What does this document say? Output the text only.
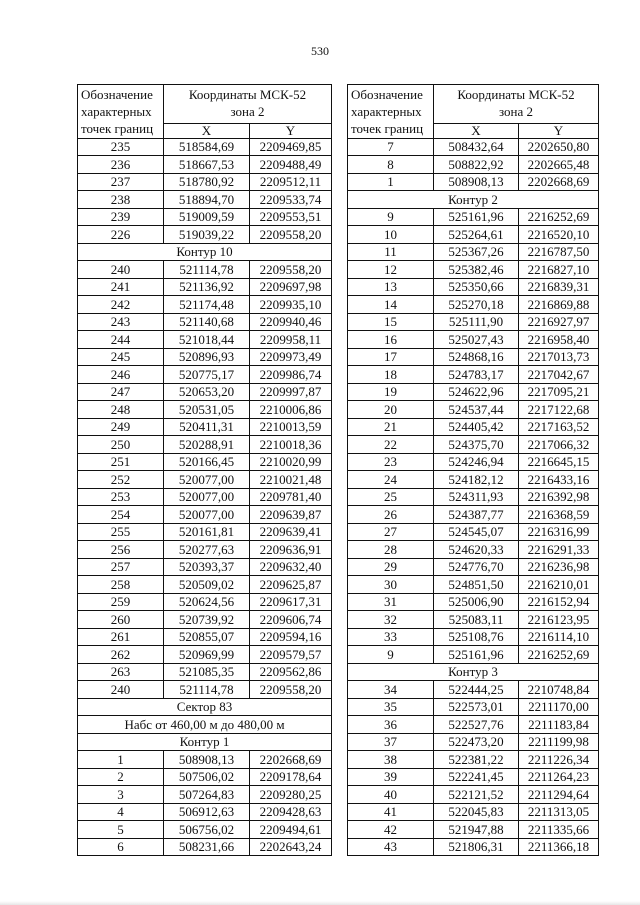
530
Обозначение
характерных
точек границ	Координаты МСК-52
зона 2	

	X	Y
235	518584,69	2209469,85
236	518667,53	2209488,49
237	518780,92	2209512,11
238	518894,70	2209533,74
239	519009,59	2209553,51
226	519039,22	2209558,20
Контур 10		
240	521114,78	2209558,20
241	521136,92	2209697,98
242	521174,48	2209935,10
243	521140,68	2209940,46
244	521018,44	2209958,11
245	520896,93	2209973,49
246	520775,17	2209986,74
247	520653,20	2209997,87
248	520531,05	2210006,86
249	520411,31	2210013,59
250	520288,91	2210018,36
251	520166,45	2210020,99
252	520077,00	2210021,48
253	520077,00	2209781,40
254	520077,00	2209639,87
255	520161,81	2209639,41
256	520277,63	2209636,91
257	520393,37	2209632,40
258	520509,02	2209625,87
259	520624,56	2209617,31
260	520739,92	2209606,74
261	520855,07	2209594,16
262	520969,99	2209579,57
263	521085,35	2209562,86
240	521114,78	2209558,20
Сектор 83		
Набс от 460,00 м до 480,00 м		
Контур 1		
1	508908,13	2202668,69
2	507506,02	2209178,64
3	507264,83	2209280,25
4	506912,63	2209428,63
5	506756,02	2209494,61
6	508231,66	2202643,24
Обозначение
характерных
точек границ	Координаты МСК-52
зона 2	

	X	Y
7	508432,64	2202650,80
8	508822,92	2202665,48
1	508908,13	2202668,69
Контур 2		
9	525161,96	2216252,69
10	525264,61	2216520,10
11	525367,26	2216787,50
12	525382,46	2216827,10
13	525350,66	2216839,31
14	525270,18	2216869,88
15	525111,90	2216927,97
16	525027,43	2216958,40
17	524868,16	2217013,73
18	524783,17	2217042,67
19	524622,96	2217095,21
20	524537,44	2217122,68
21	524405,42	2217163,52
22	524375,70	2217066,32
23	524246,94	2216645,15
24	524182,12	2216433,16
25	524311,93	2216392,98
26	524387,77	2216368,59
27	524545,07	2216316,99
28	524620,33	2216291,33
29	524776,70	2216236,98
30	524851,50	2216210,01
31	525006,90	2216152,94
32	525083,11	2216123,95
33	525108,76	2216114,10
9	525161,96	2216252,69
Контур 3		
34	522444,25	2210748,84
35	522573,01	2211170,00
36	522527,76	2211183,84
37	522473,20	2211199,98
38	522381,22	2211226,34
39	522241,45	2211264,23
40	522121,52	2211294,64
41	522045,83	2211313,05
42	521947,88	2211335,66
43	521806,31	2211366,18
